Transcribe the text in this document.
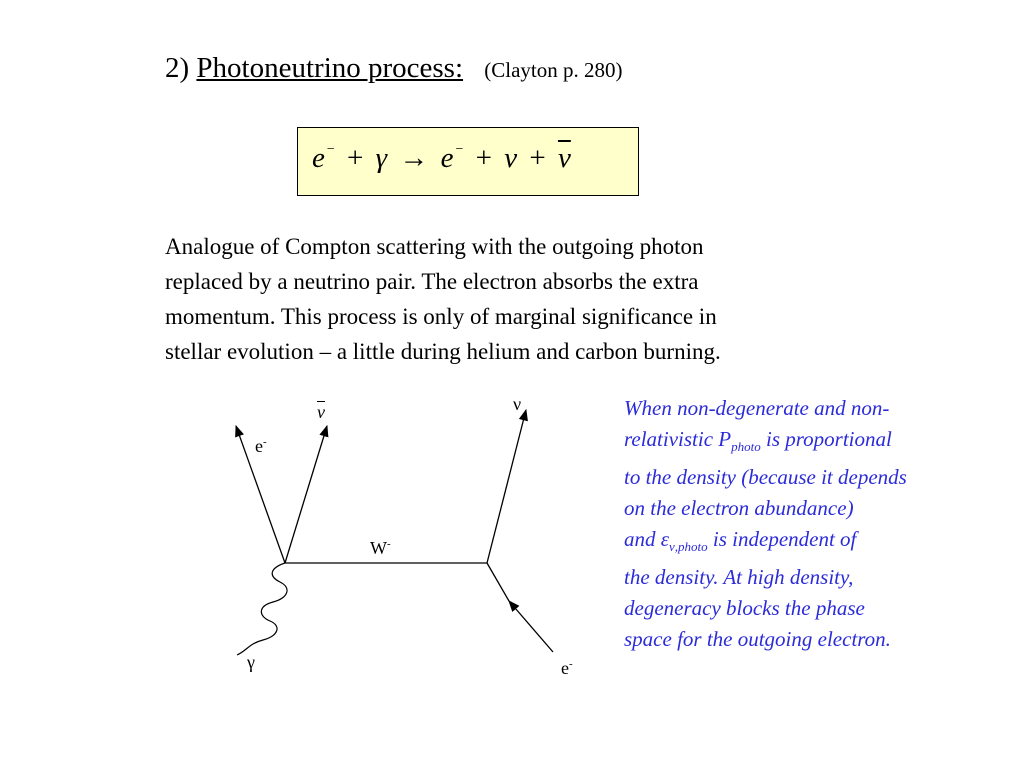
2) Photoneutrino process: (Clayton p. 280)
e − + γ → e $^- + \nu + \overline{\nu}$

Analogue of Compton scattering with the outgoing photon
replaced by a neutrino pair. The electron absorbs the extra
momentum. This process is only of marginal significance in
stellar evolution – a little during helium and carbon burning.

$\overline{\nu}$
e-
ν
W-
γ	e-
When non-degenerate and non-
relativistic $P_{photo}$ is proportional
to the density (because it depends
on the electron abundance)
and $\varepsilon_{\nu,photo}$ is independent of
the density. At high density,
degeneracy blocks the phase
space for the outgoing electron.
